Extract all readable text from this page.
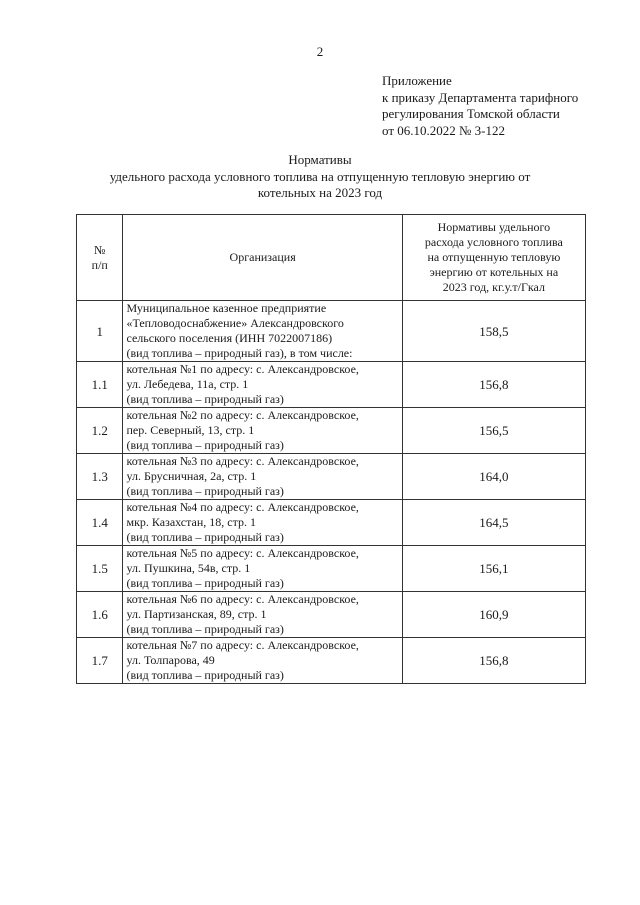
2
Приложение
к приказу Департамента тарифного
регулирования Томской области
от 06.10.2022 № 3-122
Нормативы
удельного расхода условного топлива на отпущенную тепловую энергию от
котельных на 2023 год
№
п/п	Организация	Нормативы удельного
расхода условного топлива
на отпущенную тепловую
энергию от котельных на
2023 год, кг.у.т/Гкал

1	Муниципальное казенное предприятие
«Тепловодоснабжение» Александровского
сельского поселения (ИНН 7022007186)
(вид топлива – природный газ), в том числе:	158,5
1.1	котельная №1 по адресу: с. Александровское,
ул. Лебедева, 11а, стр. 1
(вид топлива – природный газ)	156,8
1.2	котельная №2 по адресу: с. Александровское,
пер. Северный, 13, стр. 1
(вид топлива – природный газ)	156,5
1.3	котельная №3 по адресу: с. Александровское,
ул. Брусничная, 2а, стр. 1
(вид топлива – природный газ)	164,0
1.4	котельная №4 по адресу: с. Александровское,
мкр. Казахстан, 18, стр. 1
(вид топлива – природный газ)	164,5
1.5	котельная №5 по адресу: с. Александровское,
ул. Пушкина, 54в, стр. 1
(вид топлива – природный газ)	156,1
1.6	котельная №6 по адресу: с. Александровское,
ул. Партизанская, 89, стр. 1
(вид топлива – природный газ)	160,9
1.7	котельная №7 по адресу: с. Александровское,
ул. Толпарова, 49
(вид топлива – природный газ)	156,8
